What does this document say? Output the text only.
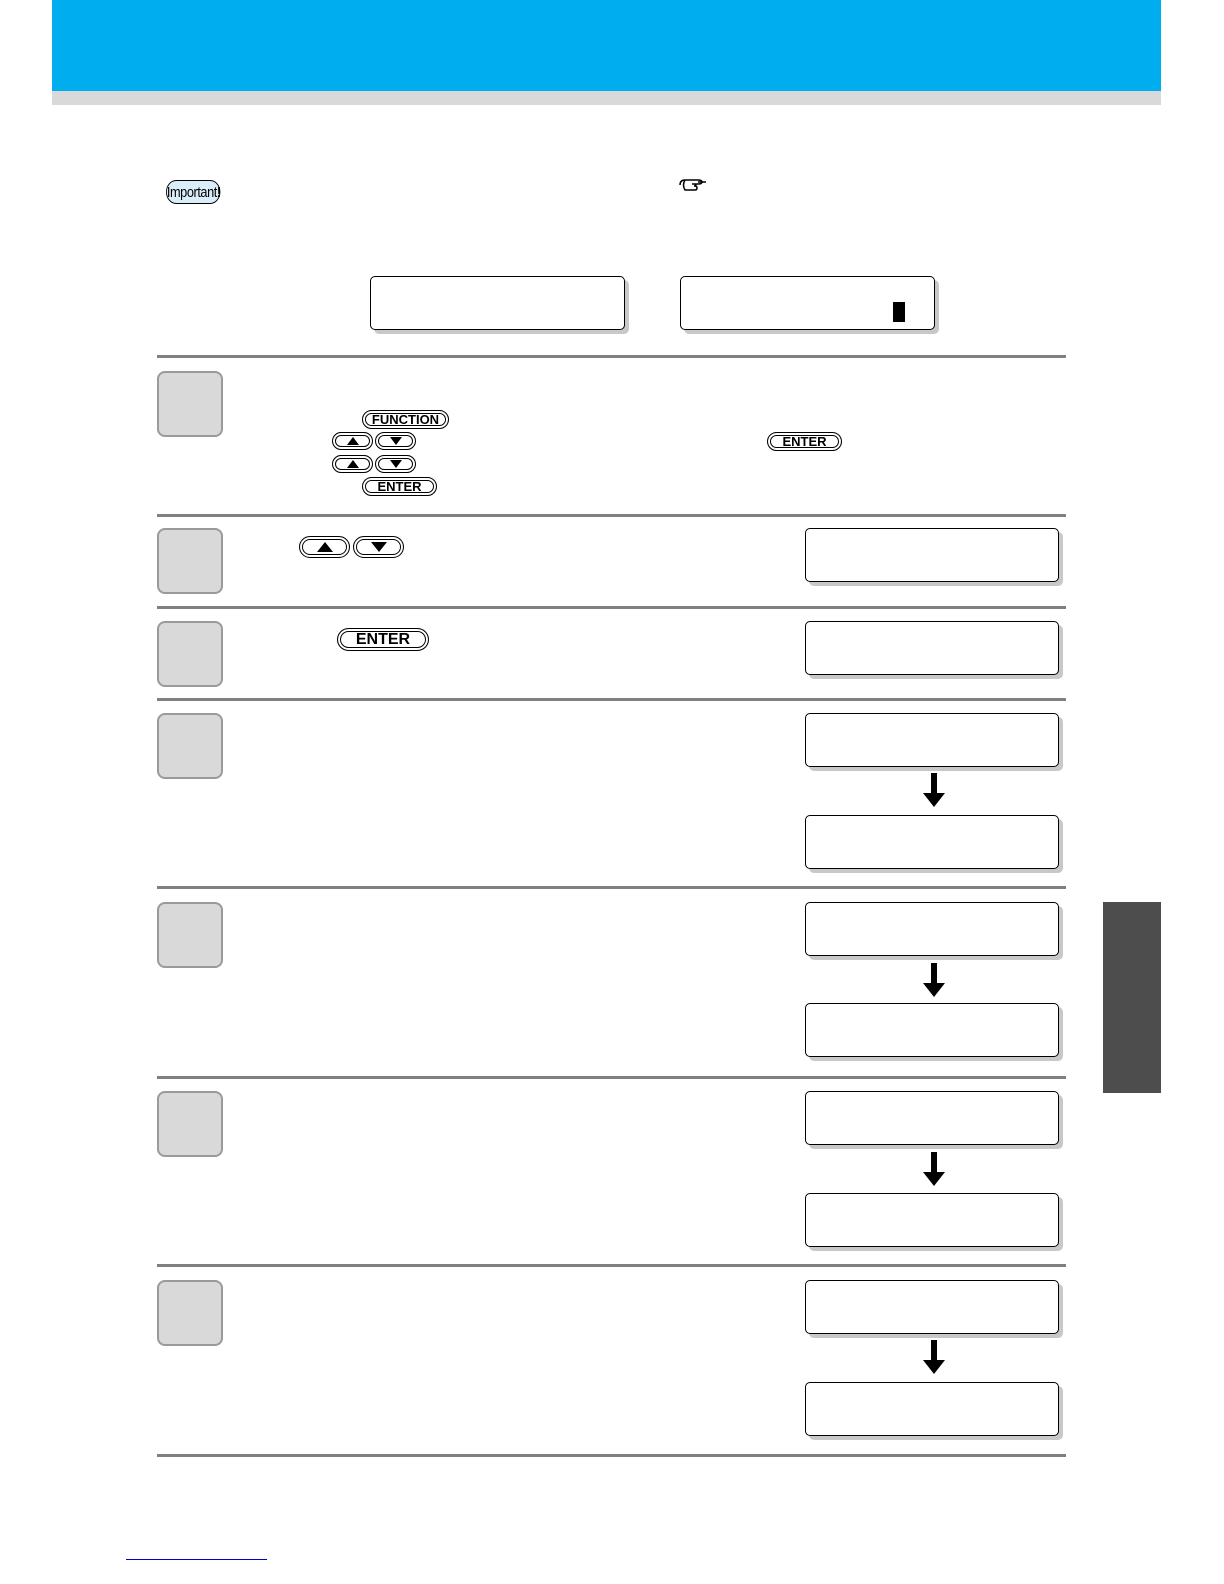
Important!
FUNCTION
ENTER
ENTER
ENTER
